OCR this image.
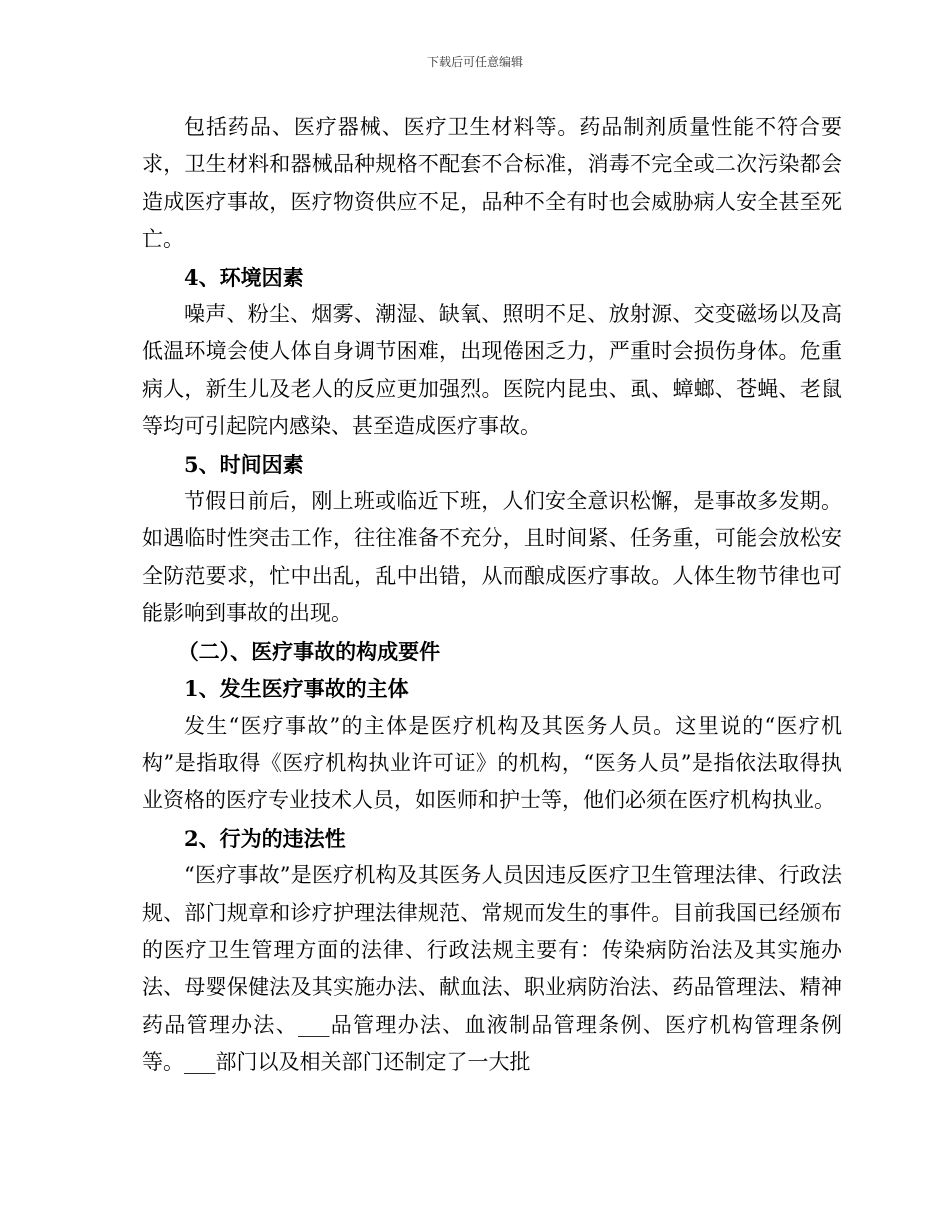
下载后可任意编辑

包括药品、医疗器械、医疗卫生材料等。药品制剂质量性能不符合要求，卫生材料和器械品种规格不配套不合标准，消毒不完全或二次污染都会造成医疗事故，医疗物资供应不足，品种不全有时也会威胁病人安全甚至死亡。

4、环境因素

噪声、粉尘、烟雾、潮湿、缺氧、照明不足、放射源、交变磁场以及高低温环境会使人体自身调节困难，出现倦困乏力，严重时会损伤身体。危重病人，新生儿及老人的反应更加强烈。医院内昆虫、虱、蟑螂、苍蝇、老鼠等均可引起院内感染、甚至造成医疗事故。

5、时间因素

节假日前后，刚上班或临近下班，人们安全意识松懈，是事故多发期。如遇临时性突击工作，往往准备不充分，且时间紧、任务重，可能会放松安全防范要求，忙中出乱，乱中出错，从而酿成医疗事故。人体生物节律也可能影响到事故的出现。

（二）、医疗事故的构成要件

1、发生医疗事故的主体

发生“医疗事故”的主体是医疗机构及其医务人员。这里说的“医疗机构”是指取得《医疗机构执业许可证》的机构，“医务人员”是指依法取得执业资格的医疗专业技术人员，如医师和护士等，他们必须在医疗机构执业。

2、行为的违法性

“医疗事故”是医疗机构及其医务人员因违反医疗卫生管理法律、行政法规、部门规章和诊疗护理法律规范、常规而发生的事件。目前我国已经颁布的医疗卫生管理方面的法律、行政法规主要有：传染病防治法及其实施办法、母婴保健法及其实施办法、献血法、职业病防治法、药品管理法、精神药品管理办法、___品管理办法、血液制品管理条例、医疗机构管理条例等。___部门以及相关部门还制定了一大批
